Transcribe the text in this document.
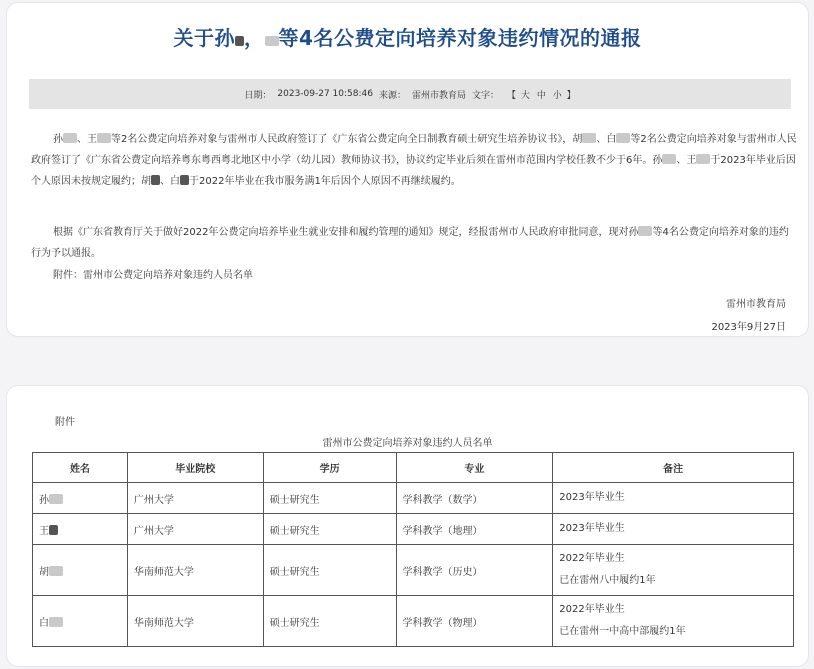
关于孙 ， 等4名公费定向培养对象违约情况的通报
日期： 2023-09-27 10:58:46 来源： 雷州市教育局 文字： 【 大 中 小 】

孙 、王 等2名公费定向培养对象与雷州市人民政府签订了《广东省公费定向全日制教育硕士研究生培养协议书》，胡 、白 等2名公费定向培养对象与雷州市人民政府签订了《广东省公费定向培养粤东粤西粤北地区中小学（幼儿园）教师协议书》，协议约定毕业后须在雷州市范围内学校任教不少于6年。孙 、王 于2023年毕业后因个人原因未按规定履约；胡 、白 于2022年毕业在我市服务满1年后因个人原因不再继续履约。

根据《广东省教育厅关于做好2022年公费定向培养毕业生就业安排和履约管理的通知》规定，经报雷州市人民政府审批同意，现对孙 等4名公费定向培养对象的违约行为予以通报。

附件：雷州市公费定向培养对象违约人员名单

雷州市教育局
2023年9月27日
附件
雷州市公费定向培养对象违约人员名单
姓名	毕业院校	学历	专业	备注
孙	广州大学	硕士研究生	学科教学（数学）	2023年毕业生

王	广州大学	硕士研究生	学科教学（地理）	2023年毕业生

胡	华南师范大学	硕士研究生	学科教学（历史）	2022年毕业生
已在雷州八中履约1年

白	华南师范大学	硕士研究生	学科教学（物理）	2022年毕业生
已在雷州一中高中部履约1年
